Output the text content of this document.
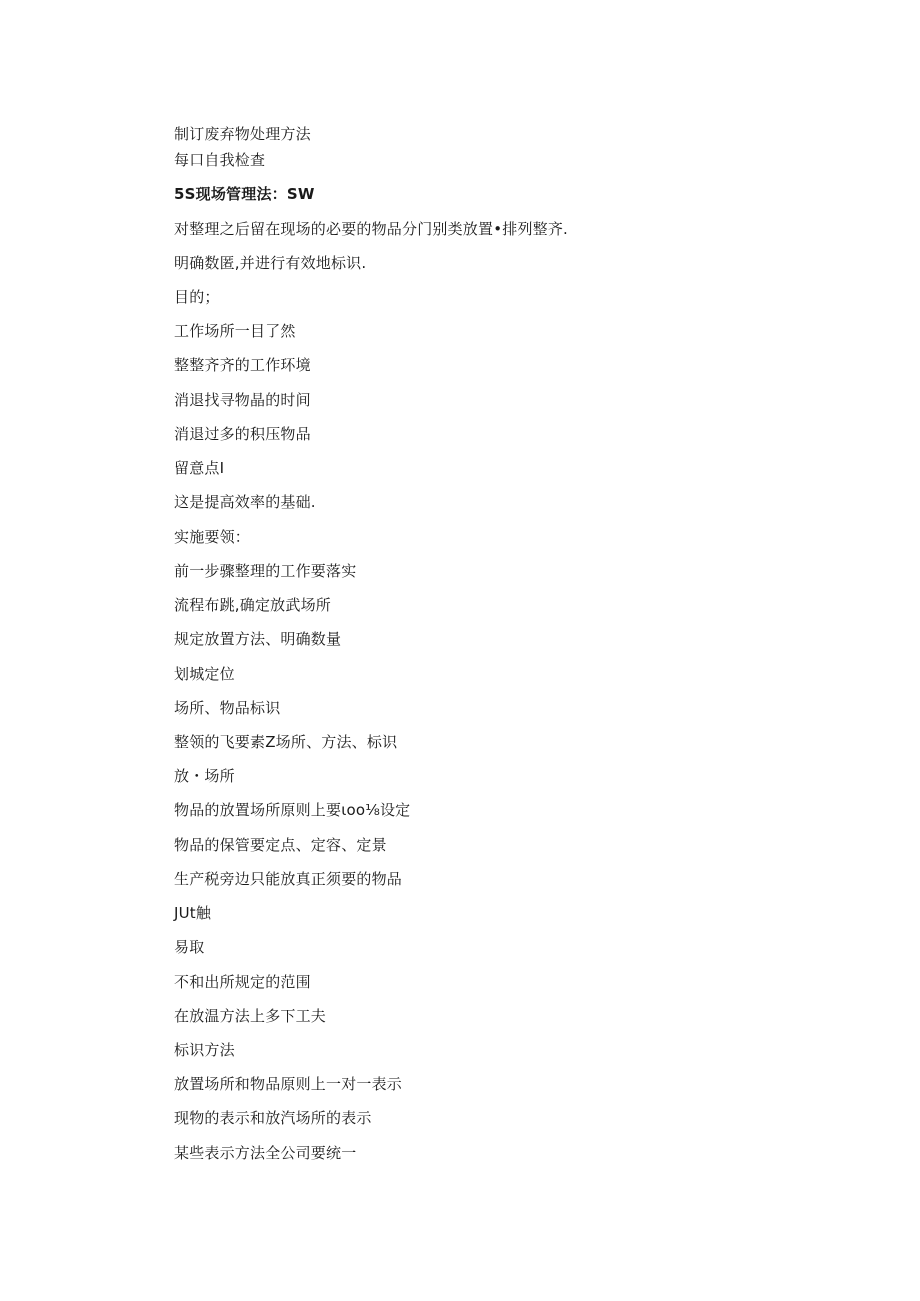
制订废弃物处理方法
每口自我检查
5S现场管理法：SW
对整理之后留在现场的必要的物品分门别类放置•排列整齐.
明确数匿,并进行有效地标识.
目的；
工作场所一目了然
整整齐齐的工作环境
消退找寻物晶的时间
消退过多的积压物品
留意点I
这是提高效率的基础.
实施要领：
前一步骤整理的工作要落实
流程布跳,确定放武场所
规定放置方法、明确数量
划城定位
场所、物品标识
整领的飞要素Z场所、方法、标识
放・场所
物品的放置场所原则上要ιoo⅛设定
物品的保管要定点、定容、定景
生产税旁边只能放真正须要的物品
JUt触
易取
不和出所规定的范围
在放温方法上多下工夫
标识方法
放置场所和物品原则上一对一表示
现物的表示和放汽场所的表示
某些表示方法全公司要统一
